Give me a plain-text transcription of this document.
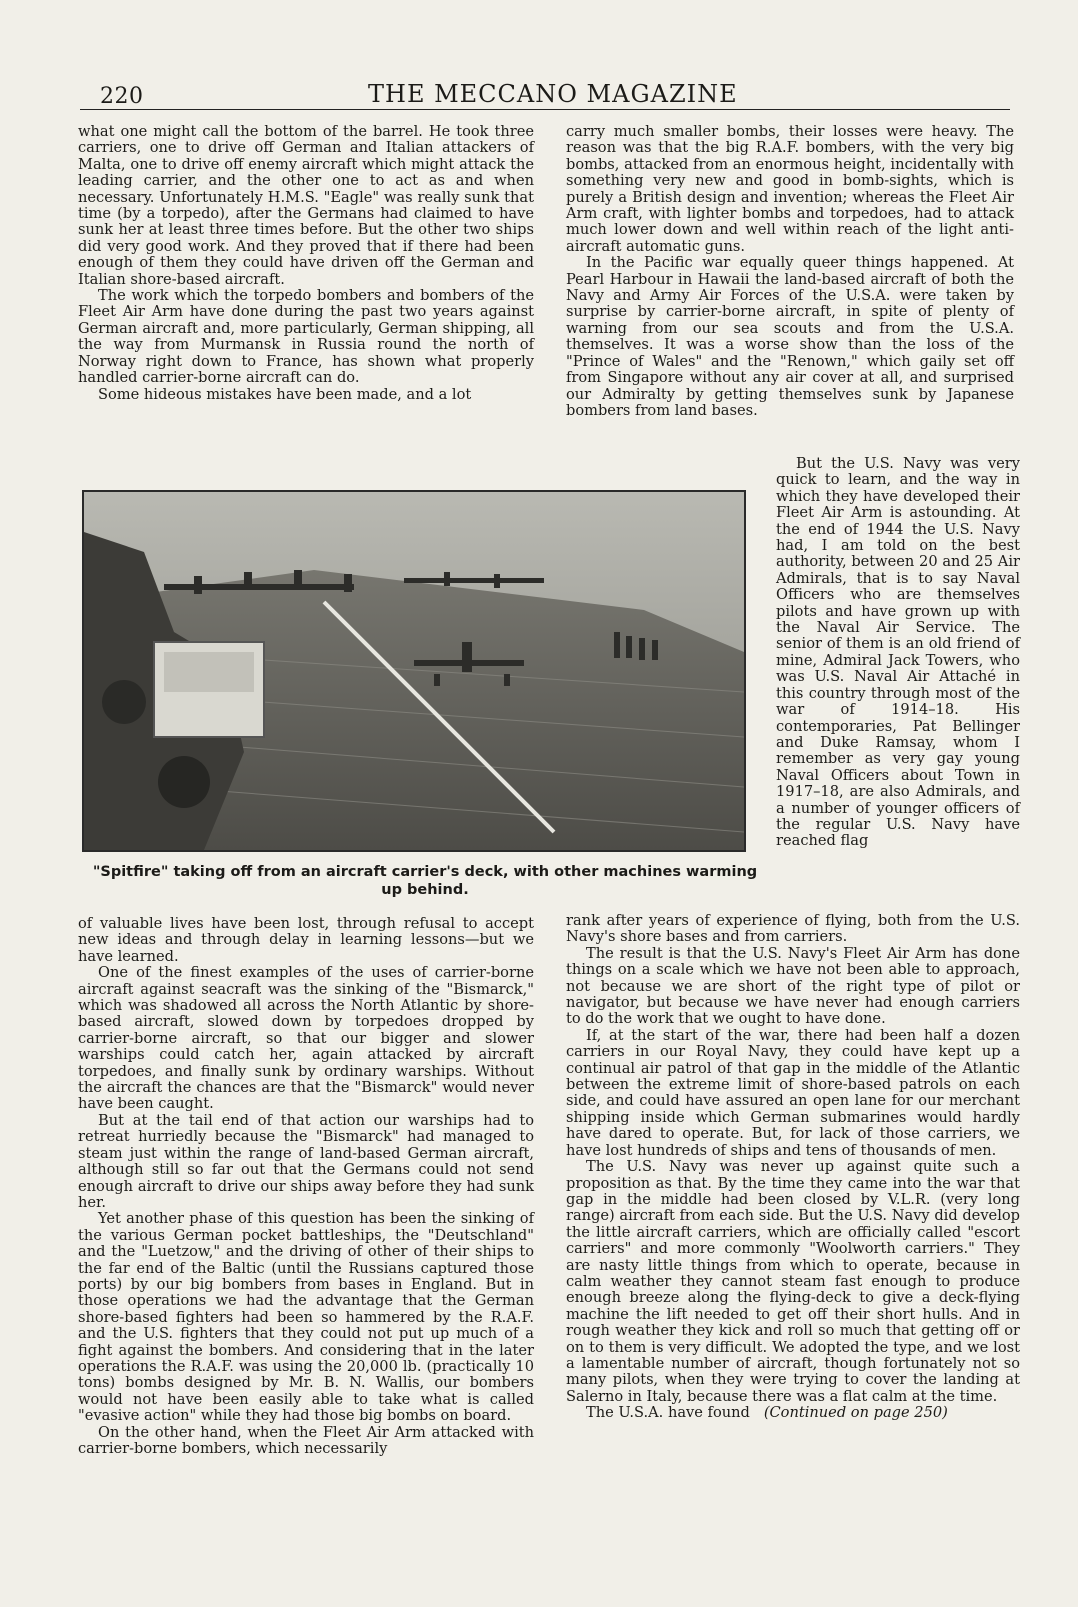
220	THE MECCANO MAGAZINE

what one might call the bottom of the barrel. He took three carriers, one to drive off German and Italian attackers of Malta, one to drive off enemy aircraft which might attack the leading carrier, and the other one to act as and when necessary. Unfortunately H.M.S. "Eagle" was really sunk that time (by a torpedo), after the Germans had claimed to have sunk her at least three times before. But the other two ships did very good work. And they proved that if there had been enough of them they could have driven off the German and Italian shore-based aircraft.

The work which the torpedo bombers and bombers of the Fleet Air Arm have done during the past two years against German aircraft and, more particularly, German shipping, all the way from Murmansk in Russia round the north of Norway right down to France, has shown what properly handled carrier-borne aircraft can do.

Some hideous mistakes have been made, and a lot

carry much smaller bombs, their losses were heavy. The reason was that the big R.A.F. bombers, with the very big bombs, attacked from an enormous height, incidentally with something very new and good in bomb-sights, which is purely a British design and invention; whereas the Fleet Air Arm craft, with lighter bombs and torpedoes, had to attack much lower down and well within reach of the light anti-aircraft automatic guns.

In the Pacific war equally queer things happened. At Pearl Harbour in Hawaii the land-based aircraft of both the Navy and Army Air Forces of the U.S.A. were taken by surprise by carrier-borne aircraft, in spite of plenty of warning from our sea scouts and from the U.S.A. themselves. It was a worse show than the loss of the "Prince of Wales" and the "Renown," which gaily set off from Singapore without any air cover at all, and surprised our Admiralty by getting themselves sunk by Japanese bombers from land bases.

"Spitfire" taking off from an aircraft carrier's deck, with other machines warming up behind.

But the U.S. Navy was very quick to learn, and the way in which they have developed their Fleet Air Arm is astounding. At the end of 1944 the U.S. Navy had, I am told on the best authority, between 20 and 25 Air Admirals, that is to say Naval Officers who are themselves pilots and have grown up with the Naval Air Service. The senior of them is an old friend of mine, Admiral Jack Towers, who was U.S. Naval Air Attaché in this country through most of the war of 1914–18. His contemporaries, Pat Bellinger and Duke Ramsay, whom I remember as very gay young Naval Officers about Town in 1917–18, are also Admirals, and a number of younger officers of the regular U.S. Navy have reached flag

of valuable lives have been lost, through refusal to accept new ideas and through delay in learning lessons—but we have learned.

One of the finest examples of the uses of carrier-borne aircraft against seacraft was the sinking of the "Bismarck," which was shadowed all across the North Atlantic by shore-based aircraft, slowed down by torpedoes dropped by carrier-borne aircraft, so that our bigger and slower warships could catch her, again attacked by aircraft torpedoes, and finally sunk by ordinary warships. Without the aircraft the chances are that the "Bismarck" would never have been caught.

But at the tail end of that action our warships had to retreat hurriedly because the "Bismarck" had managed to steam just within the range of land-based German aircraft, although still so far out that the Germans could not send enough aircraft to drive our ships away before they had sunk her.

Yet another phase of this question has been the sinking of the various German pocket battleships, the "Deutschland" and the "Luetzow," and the driving of other of their ships to the far end of the Baltic (until the Russians captured those ports) by our big bombers from bases in England. But in those operations we had the advantage that the German shore-based fighters had been so hammered by the R.A.F. and the U.S. fighters that they could not put up much of a fight against the bombers. And considering that in the later operations the R.A.F. was using the 20,000 lb. (practically 10 tons) bombs designed by Mr. B. N. Wallis, our bombers would not have been easily able to take what is called "evasive action" while they had those big bombs on board.

On the other hand, when the Fleet Air Arm attacked with carrier-borne bombers, which necessarily

rank after years of experience of flying, both from the U.S. Navy's shore bases and from carriers.

The result is that the U.S. Navy's Fleet Air Arm has done things on a scale which we have not been able to approach, not because we are short of the right type of pilot or navigator, but because we have never had enough carriers to do the work that we ought to have done.

If, at the start of the war, there had been half a dozen carriers in our Royal Navy, they could have kept up a continual air patrol of that gap in the middle of the Atlantic between the extreme limit of shore-based patrols on each side, and could have assured an open lane for our merchant shipping inside which German submarines would hardly have dared to operate. But, for lack of those carriers, we have lost hundreds of ships and tens of thousands of men.

The U.S. Navy was never up against quite such a proposition as that. By the time they came into the war that gap in the middle had been closed by V.L.R. (very long range) aircraft from each side. But the U.S. Navy did develop the little aircraft carriers, which are officially called "escort carriers" and more commonly "Woolworth carriers." They are nasty little things from which to operate, because in calm weather they cannot steam fast enough to produce enough breeze along the flying-deck to give a deck-flying machine the lift needed to get off their short hulls. And in rough weather they kick and roll so much that getting off or on to them is very difficult. We adopted the type, and we lost a lamentable number of aircraft, though fortunately not so many pilots, when they were trying to cover the landing at Salerno in Italy, because there was a flat calm at the time.

The U.S.A. have found (Continued on page 250)
